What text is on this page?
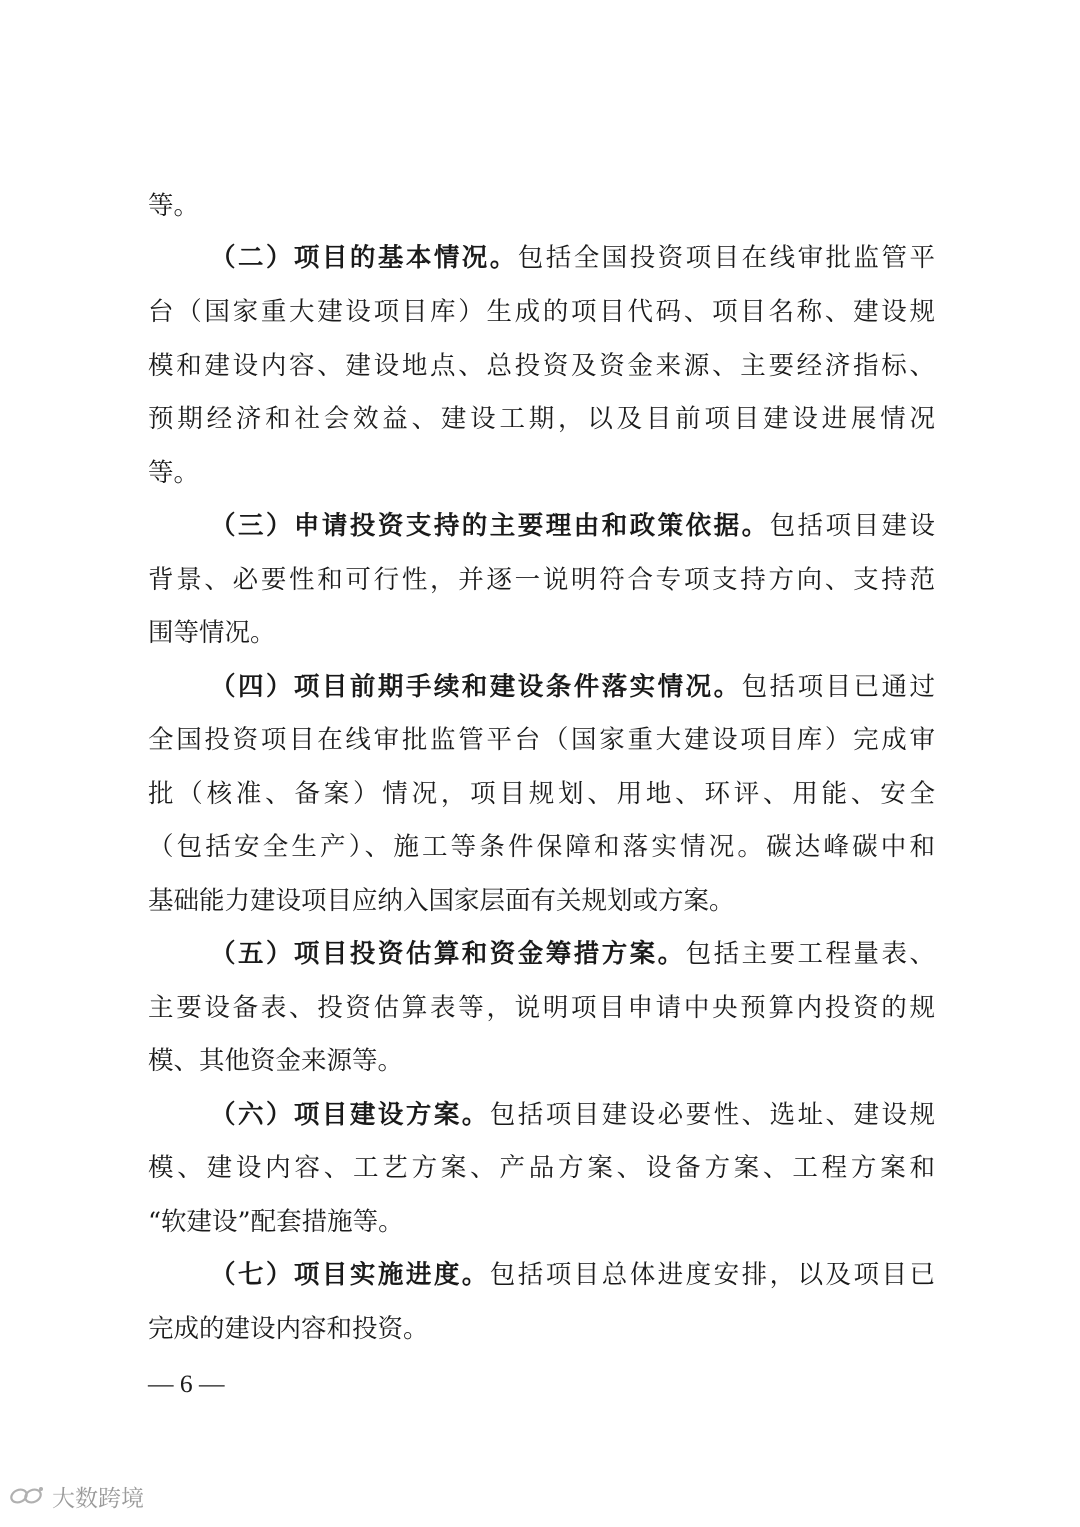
等。
（二）项目的基本情况。包括全国投资项目在线审批监管平
台（国家重大建设项目库）生成的项目代码、项目名称、建设规
模和建设内容、建设地点、总投资及资金来源、主要经济指标、
预期经济和社会效益、建设工期，以及目前项目建设进展情况
等。
（三）申请投资支持的主要理由和政策依据。包括项目建设
背景、必要性和可行性，并逐一说明符合专项支持方向、支持范
围等情况。
（四）项目前期手续和建设条件落实情况。包括项目已通过
全国投资项目在线审批监管平台（国家重大建设项目库）完成审
批（核准、备案）情况，项目规划、用地、环评、用能、安全
（包括安全生产）、施工等条件保障和落实情况。碳达峰碳中和
基础能力建设项目应纳入国家层面有关规划或方案。
（五）项目投资估算和资金筹措方案。包括主要工程量表、
主要设备表、投资估算表等，说明项目申请中央预算内投资的规
模、其他资金来源等。
（六）项目建设方案。包括项目建设必要性、选址、建设规
模、建设内容、工艺方案、产品方案、设备方案、工程方案和
“软建设”配套措施等。
（七）项目实施进度。包括项目总体进度安排，以及项目已
完成的建设内容和投资。
— 6 —
大数跨境
